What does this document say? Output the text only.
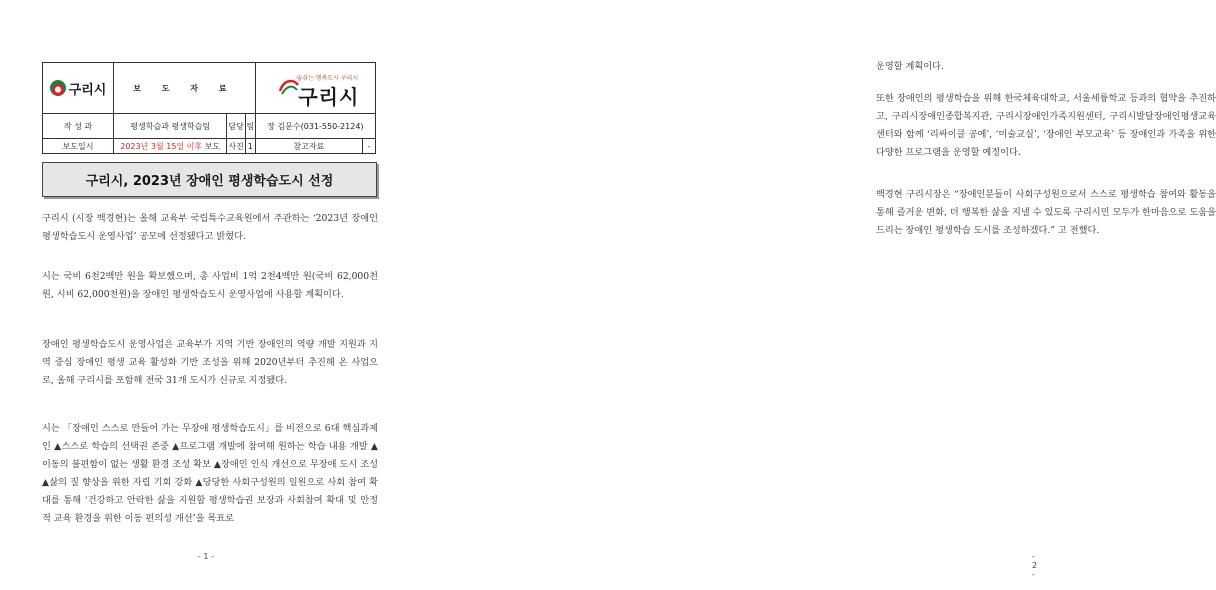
구리시	보 도 자 료			숨쉬는 행복도시 구리시
구리시	

작 성 과	평생학습과 평생학습팀	담당	팀	장 김문수(031-550-2124)	
보도일시	2023년 3월 15일 이후 보도	사진	1	참고자료	-
구리시, 2023년 장애인 평생학습도시 선정

구리시 (시장 백경현)는 올해 교육부 국립특수교육원에서 주관하는 ‘2023년 장애인 평생학습도시 운영사업’ 공모에 선정됐다고 밝혔다.

시는 국비 6천2백만 원을 확보했으며, 총 사업비 1억 2천4백만 원(국비 62,000천원, 시비 62,000천원)을 장애인 평생학습도시 운영사업에 사용할 계획이다.

장애인 평생학습도시 운영사업은 교육부가 지역 기반 장애인의 역량 개발 지원과 지역 중심 장애인 평생 교육 활성화 기반 조성을 위해 2020년부터 추진해 온 사업으로, 올해 구리시를 포함해 전국 31개 도시가 신규로 지정됐다.

시는 「장애인 스스로 만들어 가는 무장애 평생학습도시」를 비전으로 6대 핵심과제인 ▲스스로 학습의 선택권 존중 ▲프로그램 개발에 참여해 원하는 학습 내용 개발 ▲이동의 불편함이 없는 생활 환경 조성 확보 ▲장애인 인식 개선으로 무장애 도시 조성 ▲삶의 질 향상을 위한 자립 기회 강화 ▲당당한 사회구성원의 일원으로 사회 참여 확대를 통해 ‘건강하고 안락한 삶을 지원할 평생학습권 보장과 사회참여 확대 및 안정적 교육 환경을 위한 이동 편의성 개선’을 목표로

- 1 -

운영할 계획이다.

또한 장애인의 평생학습을 위해 한국체육대학교, 서울세륭학교 등과의 협약을 추진하고, 구리시장애인종합복지관, 구리시장애인가족지원센터, 구리시발달장애인평생교육센터와 함께 ‘리싸이클 공예’, ‘미술교실’, ‘장애인 부모교육’ 등 장애인과 가족을 위한 다양한 프로그램을 운영할 예정이다.

백경현 구리시장은 “장애인분들이 사회구성원으로서 스스로 평생학습 참여와 활동을 통해 즐거운 변화, 더 행복한 삶을 지낼 수 있도록 구리시민 모두가 한마음으로 도움을 드리는 장애인 평생학습 도시를 조성하겠다.” 고 전했다.

- 2 -
